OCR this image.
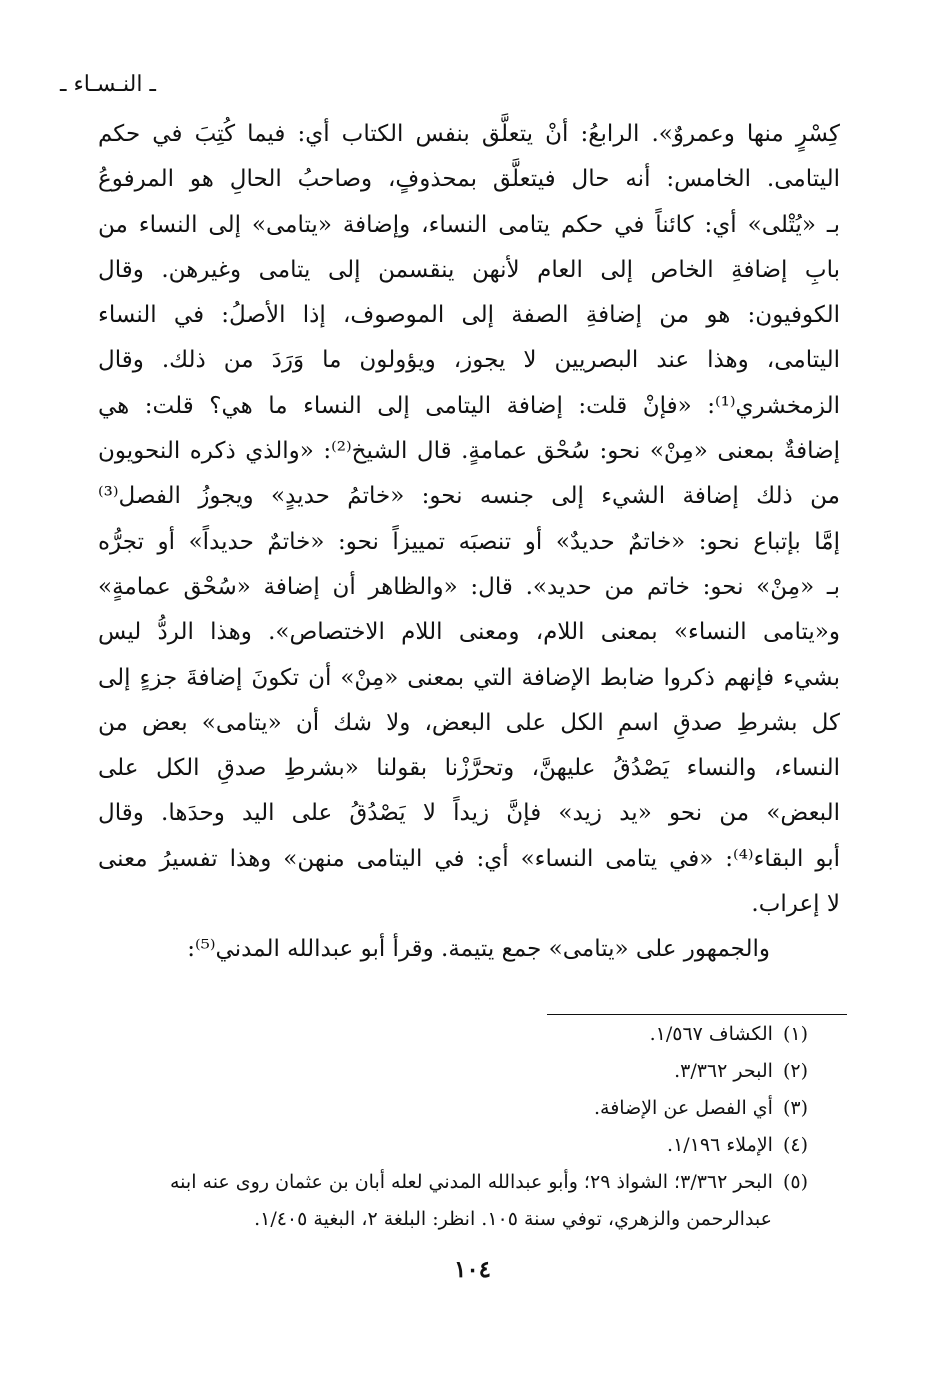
ـ النـسـاء ـ
كِسْرٍ منها وعمروٌ». الرابعُ: أنْ يتعلَّق بنفس الكتاب أي: فيما كُتِبَ في حكم
اليتامى. الخامس: أنه حال فيتعلَّق بمحذوفٍ، وصاحبُ الحالِ هو المرفوعُ
بـ «يُتْلى» أي: كائناً في حكم يتامى النساء، وإضافة «يتامى» إلى النساء من
بابِ إضافةِ الخاص إلى العام لأنهن ينقسمن إلى يتامى وغيرهن. وقال
الكوفيون: هو من إضافةِ الصفة إلى الموصوف، إذا الأصلُ: في النساء
اليتامى، وهذا عند البصريين لا يجوز، ويؤولون ما وَرَدَ من ذلك. وقال
الزمخشري⁽¹⁾: «فإنْ قلت: إضافة اليتامى إلى النساء ما هي؟ قلت: هي
إضافةٌ بمعنى «مِنْ» نحو: سُحْق عمامةٍ. قال الشيخ⁽²⁾: «والذي ذكره النحويون
من ذلك إضافة الشيء إلى جنسه نحو: «خاتمُ حديدٍ» ويجوزُ الفصل⁽³⁾
إمَّا بإتباع نحو: «خاتمٌ حديدٌ» أو تنصبَه تمييزاً نحو: «خاتمٌ حديداً» أو تجرُّه
بـ «مِنْ» نحو: خاتم من حديد». قال: «والظاهر أن إضافة «سُحْق عمامةٍ»
و«يتامى النساء» بمعنى اللام، ومعنى اللام الاختصاص». وهذا الردُّ ليس
بشيء فإنهم ذكروا ضابط الإضافة التي بمعنى «مِنْ» أن تكونَ إضافةَ جزءٍ إلى
كل بشرطِ صدقِ اسمِ الكل على البعض، ولا شك أن «يتامى» بعض من
النساء، والنساء يَصْدُقُ عليهنَّ، وتحرَّزْنا بقولنا «بشرطِ صدقِ الكل على
البعض» من نحو «يد زيد» فإنَّ زيداً لا يَصْدُقُ على اليد وحدَها. وقال
أبو البقاء⁽⁴⁾: «في يتامى النساء» أي: في اليتامى منهن» وهذا تفسيرُ معنى
لا إعراب.
والجمهور على «يتامى» جمع يتيمة. وقرأ أبو عبدالله المدني⁽⁵⁾:
(١)الكشاف ١/٥٦٧.
(٢)البحر ٣/٣٦٢.
(٣)أي الفصل عن الإضافة.
(٤)الإملاء ١/١٩٦.
(٥)البحر ٣/٣٦٢؛ الشواذ ٢٩؛ وأبو عبدالله المدني لعله أبان بن عثمان روى عنه ابنه
عبدالرحمن والزهري، توفي سنة ١٠٥. انظر: البلغة ٢، البغية ١/٤٠٥.
١٠٤
